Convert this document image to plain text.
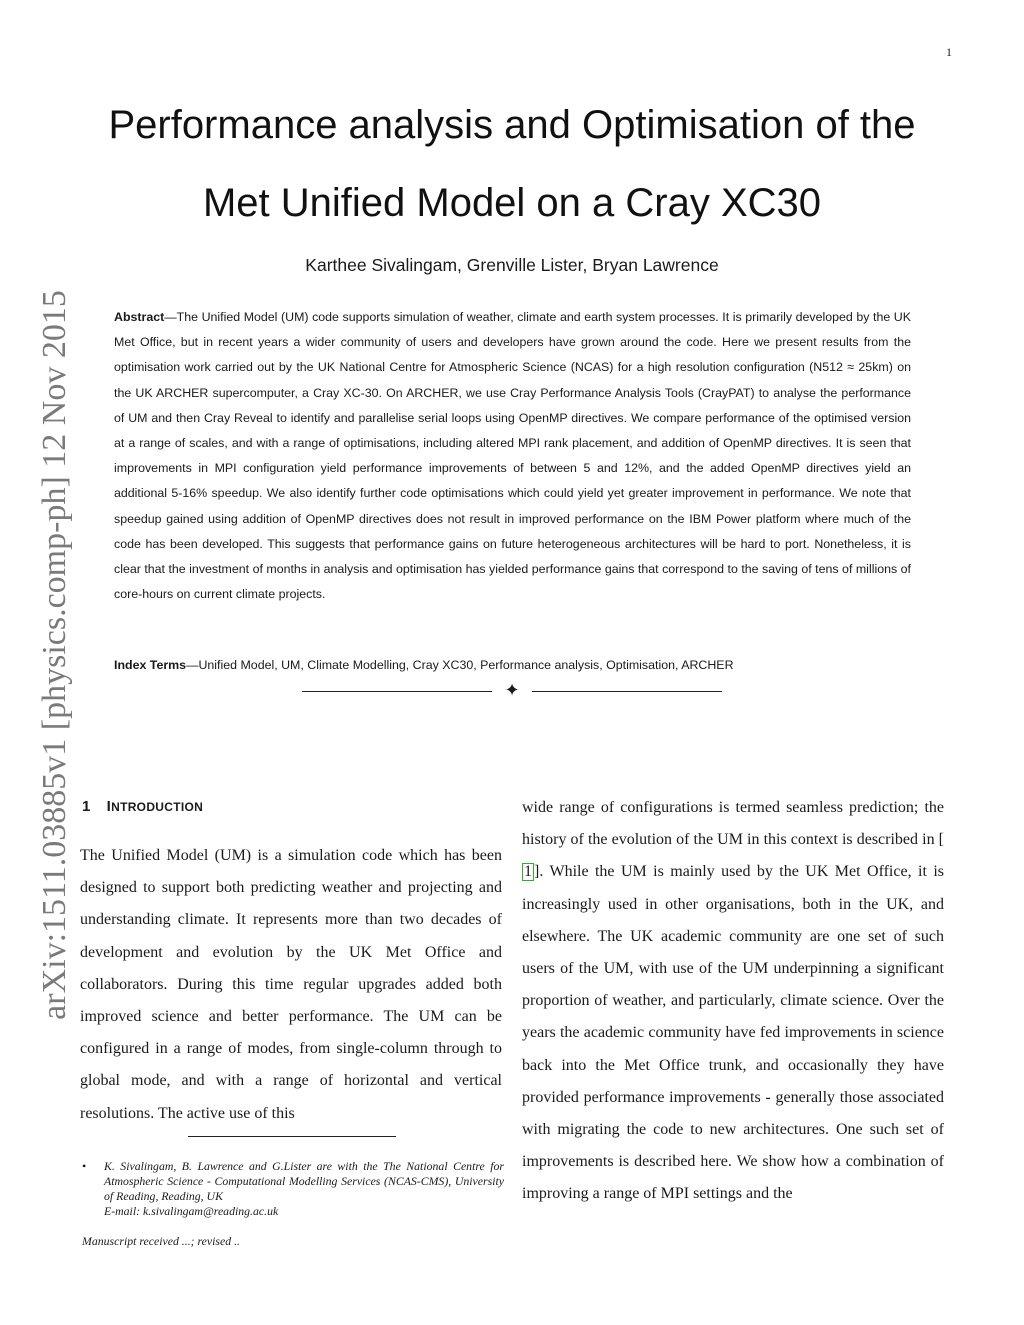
1
arXiv:1511.03885v1 [physics.comp-ph] 12 Nov 2015
Performance analysis and Optimisation of the
Met Unified Model on a Cray XC30
Karthee Sivalingam, Grenville Lister, Bryan Lawrence
Abstract—The Unified Model (UM) code supports simulation of weather, climate and earth system processes. It is primarily developed by the UK Met Office, but in recent years a wider community of users and developers have grown around the code. Here we present results from the optimisation work carried out by the UK National Centre for Atmospheric Science (NCAS) for a high resolution configuration (N512 ≈ 25km) on the UK ARCHER supercomputer, a Cray XC-30. On ARCHER, we use Cray Performance Analysis Tools (CrayPAT) to analyse the performance of UM and then Cray Reveal to identify and parallelise serial loops using OpenMP directives. We compare performance of the optimised version at a range of scales, and with a range of optimisations, including altered MPI rank placement, and addition of OpenMP directives. It is seen that improvements in MPI configuration yield performance improvements of between 5 and 12%, and the added OpenMP directives yield an additional 5-16% speedup. We also identify further code optimisations which could yield yet greater improvement in performance. We note that speedup gained using addition of OpenMP directives does not result in improved performance on the IBM Power platform where much of the code has been developed. This suggests that performance gains on future heterogeneous architectures will be hard to port. Nonetheless, it is clear that the investment of months in analysis and optimisation has yielded performance gains that correspond to the saving of tens of millions of core-hours on current climate projects.
Index Terms—Unified Model, UM, Climate Modelling, Cray XC30, Performance analysis, Optimisation, ARCHER
✦
1 INTRODUCTION

The Unified Model (UM) is a simulation code which has been designed to support both predicting weather and projecting and understanding climate. It represents more than two decades of development and evolution by the UK Met Office and collaborators. During this time regular upgrades added both improved science and better performance. The UM can be configured in a range of modes, from single-column through to global mode, and with a range of horizontal and vertical resolutions. The active use of this

wide range of configurations is termed seamless prediction; the history of the evolution of the UM in this context is described in [1 ]. While the UM is mainly used by the UK Met Office, it is increasingly used in other organisations, both in the UK, and elsewhere. The UK academic community are one set of such users of the UM, with use of the UM underpinning a significant proportion of weather, and particularly, climate science. Over the years the academic community have fed improvements in science back into the Met Office trunk, and occasionally they have provided performance improvements - generally those associated with migrating the code to new architectures. One such set of improvements is described here. We show how a combination of improving a range of MPI settings and the

• K. Sivalingam, B. Lawrence and G.Lister are with the The National Centre for Atmospheric Science - Computational Modelling Services (NCAS-CMS), University of Reading, Reading, UK
E-mail: k.sivalingam@reading.ac.uk
Manuscript received ...; revised ..
